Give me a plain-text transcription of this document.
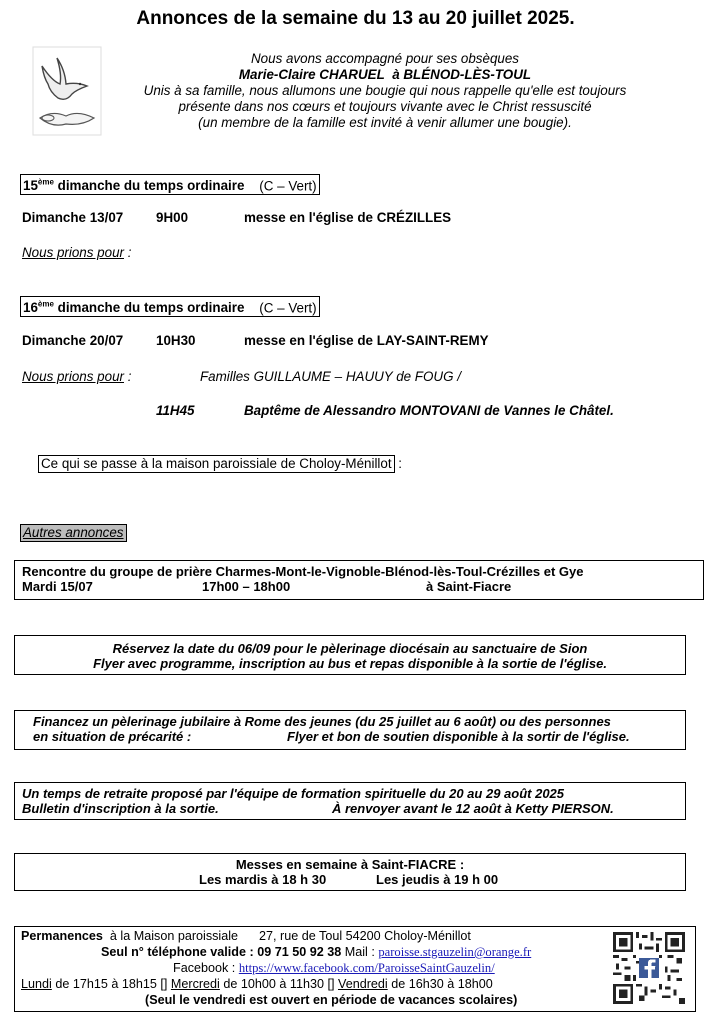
Annonces de la semaine du 13 au 20 juillet 2025.
Nous avons accompagné pour ses obsèques
Marie-Claire CHARUEL à BLÉNOD-LÈS-TOUL
Unis à sa famille, nous allumons une bougie qui nous rappelle qu'elle est toujours
présente dans nos cœurs et toujours vivante avec le Christ ressuscité
(un membre de la famille est invité à venir allumer une bougie).
15ème dimanche du temps ordinaire (C – Vert)
Dimanche 13/07 9H00	messe en l'église de CRÉZILLES
Nous prions pour :
16ème dimanche du temps ordinaire (C – Vert)
Dimanche 20/07 10H30	messe en l'église de LAY-SAINT-REMY
Nous prions pour :	Familles GUILLAUME – HAUUY de FOUG /
11H45	Baptême de Alessandro MONTOVANI de Vannes le Châtel.
Ce qui se passe à la maison paroissiale de Choloy-Ménillot :
Autres annonces
Rencontre du groupe de prière Charmes-Mont-le-Vignoble-Blénod-lès-Toul-Crézilles et Gye
Mardi 15/07	17h00 – 18h00	à Saint-Fiacre
Réservez la date du 06/09 pour le pèlerinage diocésain au sanctuaire de Sion
Flyer avec programme, inscription au bus et repas disponible à la sortie de l'église.
Financez un pèlerinage jubilaire à Rome des jeunes (du 25 juillet au 6 août) ou des personnes
en situation de précarité :	Flyer et bon de soutien disponible à la sortir de l'église.
Un temps de retraite proposé par l'équipe de formation spirituelle du 20 au 29 août 2025
Bulletin d'inscription à la sortie.	À renvoyer avant le 12 août à Ketty PIERSON.
Messes en semaine à Saint-FIACRE :
Les mardis à 18 h 30	Les jeudis à 19 h 00
Permanences à la Maison paroissiale 27, rue de Toul 54200 Choloy-Ménillot
Seul n° téléphone valide : 09 71 50 92 38 Mail : paroisse.stgauzelin@orange.fr
Facebook : https://www.facebook.com/ParoisseSaintGauzelin/
Lundi de 17h15 à 18h15 [] Mercredi de 10h00 à 11h30 [] Vendredi de 16h30 à 18h00
(Seul le vendredi est ouvert en période de vacances scolaires)
